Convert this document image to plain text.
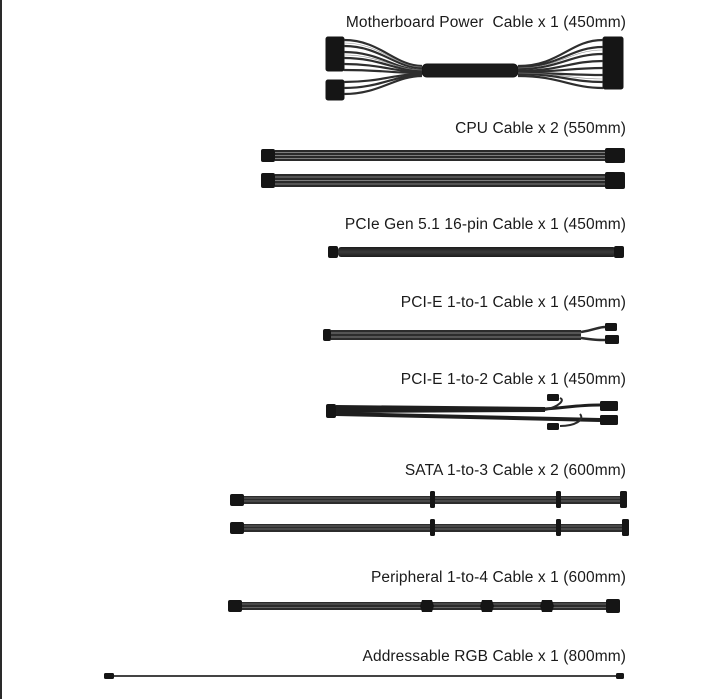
Motherboard Power  Cable x 1 (450mm)
CPU Cable x 2 (550mm)
PCIe Gen 5.1 16-pin Cable x 1 (450mm)
PCI-E 1-to-1 Cable x 1 (450mm)
PCI-E 1-to-2 Cable x 1 (450mm)
SATA 1-to-3 Cable x 2 (600mm)
Peripheral 1-to-4 Cable x 1 (600mm)
Addressable RGB Cable x 1 (800mm)
